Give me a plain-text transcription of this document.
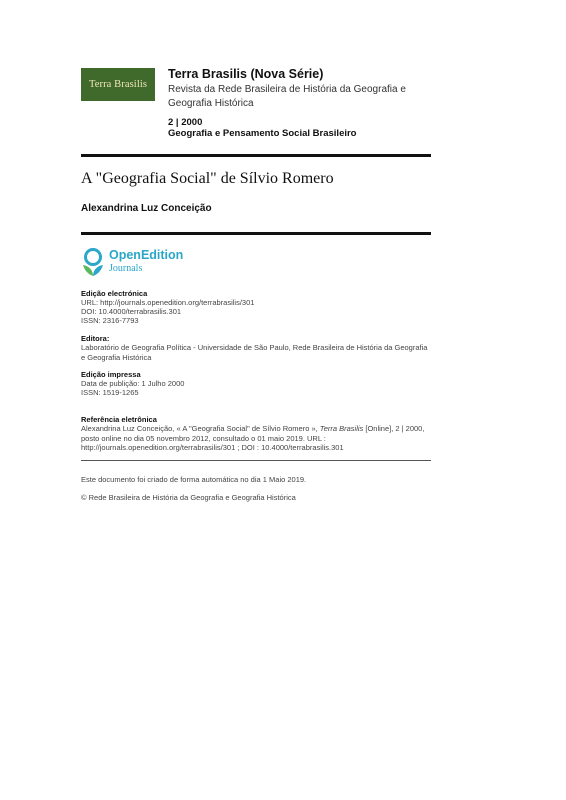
Terra Brasilis
Terra Brasilis (Nova Série)
Revista da Rede Brasileira de História da Geografia e Geografia Histórica
2 | 2000
Geografia e Pensamento Social Brasileiro
A "Geografia Social" de Sílvio Romero
Alexandrina Luz Conceição
OpenEdition
Journals
Edição electrónica
URL: http://journals.openedition.org/terrabrasilis/301
DOI: 10.4000/terrabrasilis.301
ISSN: 2316-7793
Editora:
Laboratório de Geografia Política - Universidade de São Paulo, Rede Brasileira de História da Geografia e Geografia Histórica
Edição impressa
Data de publição: 1 Julho 2000
ISSN: 1519-1265
Referência eletrônica
Alexandrina Luz Conceição, « A "Geografia Social" de Sílvio Romero », Terra Brasilis [Online], 2 | 2000, posto online no dia 05 novembro 2012, consultado o 01 maio 2019. URL : http://journals.openedition.org/terrabrasilis/301 ; DOI : 10.4000/terrabrasilis.301
Este documento foi criado de forma automática no dia 1 Maio 2019.
© Rede Brasileira de História da Geografia e Geografia Histórica
